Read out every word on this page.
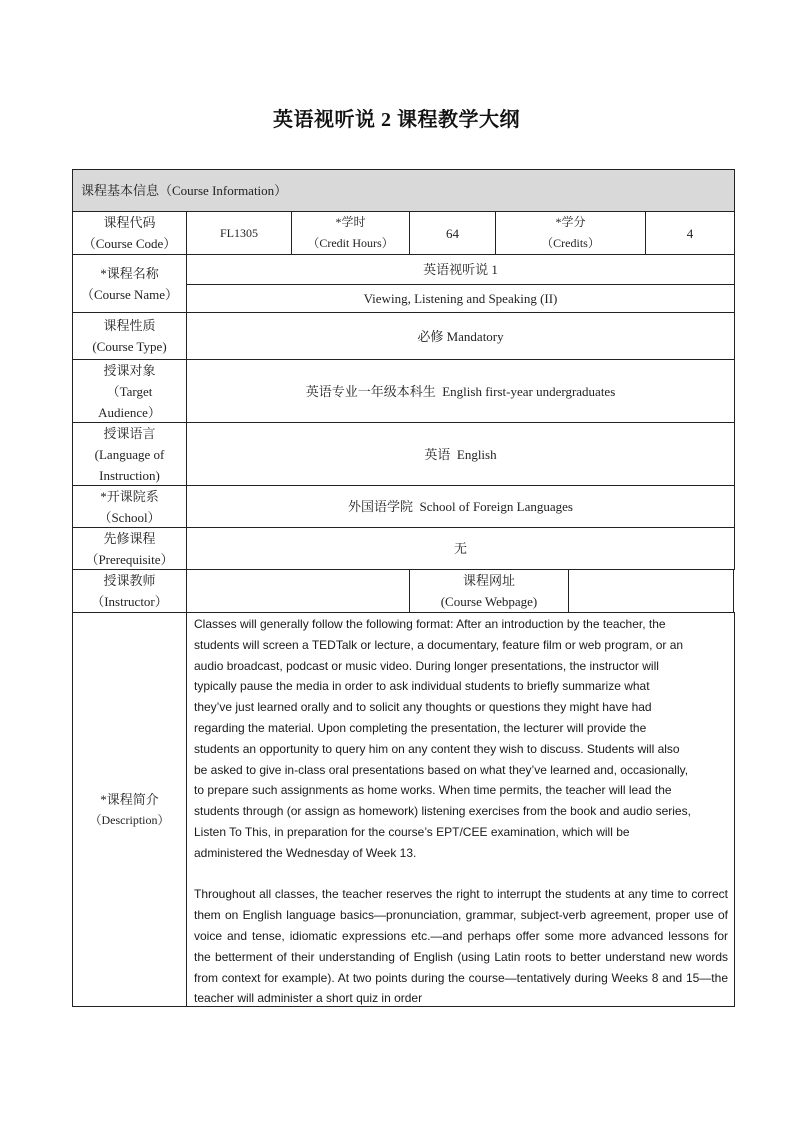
英语视听说 2 课程教学大纲
课程基本信息（Course Information）
课程代码
（Course Code）
FL1305
*学时
（Credit Hours）
64
*学分
（Credits）
4
*课程名称
（Course Name）
英语视听说 1
Viewing, Listening and Speaking (II)
课程性质
(Course Type)
必修 Mandatory
授课对象
（Target
Audience）
英语专业一年级本科生  English first-year undergraduates
授课语言
(Language of
Instruction)
英语  English
*开课院系
（School）
外国语学院  School of Foreign Languages
先修课程
（Prerequisite）
无
授课教师
（Instructor）
课程网址
(Course Webpage)
*课程简介
（Description）

Classes will generally follow the following format: After an introduction by the teacher, the

students will screen a TEDTalk or lecture, a documentary, feature film or web program, or an

audio broadcast, podcast or music video. During longer presentations, the instructor will

typically pause the media in order to ask individual students to briefly summarize what

they’ve just learned orally and to solicit any thoughts or questions they might have had

regarding the material. Upon completing the presentation, the lecturer will provide the

students an opportunity to query him on any content they wish to discuss. Students will also

be asked to give in-class oral presentations based on what they’ve learned and, occasionally,

to prepare such assignments as home works. When time permits, the teacher will lead the

students through (or assign as homework) listening exercises from the book and audio series,

Listen To This, in preparation for the course’s EPT/CEE examination, which will be

administered the Wednesday of Week 13.

Throughout all classes, the teacher reserves the right to interrupt the students at any time to correct them on English language basics—pronunciation, grammar, subject-verb agreement, proper use of voice and tense, idiomatic expressions etc.—and perhaps offer some more advanced lessons for the betterment of their understanding of English (using Latin roots to better understand new words from context for example). At two points during the course—tentatively during Weeks 8 and 15—the teacher will administer a short quiz in order
